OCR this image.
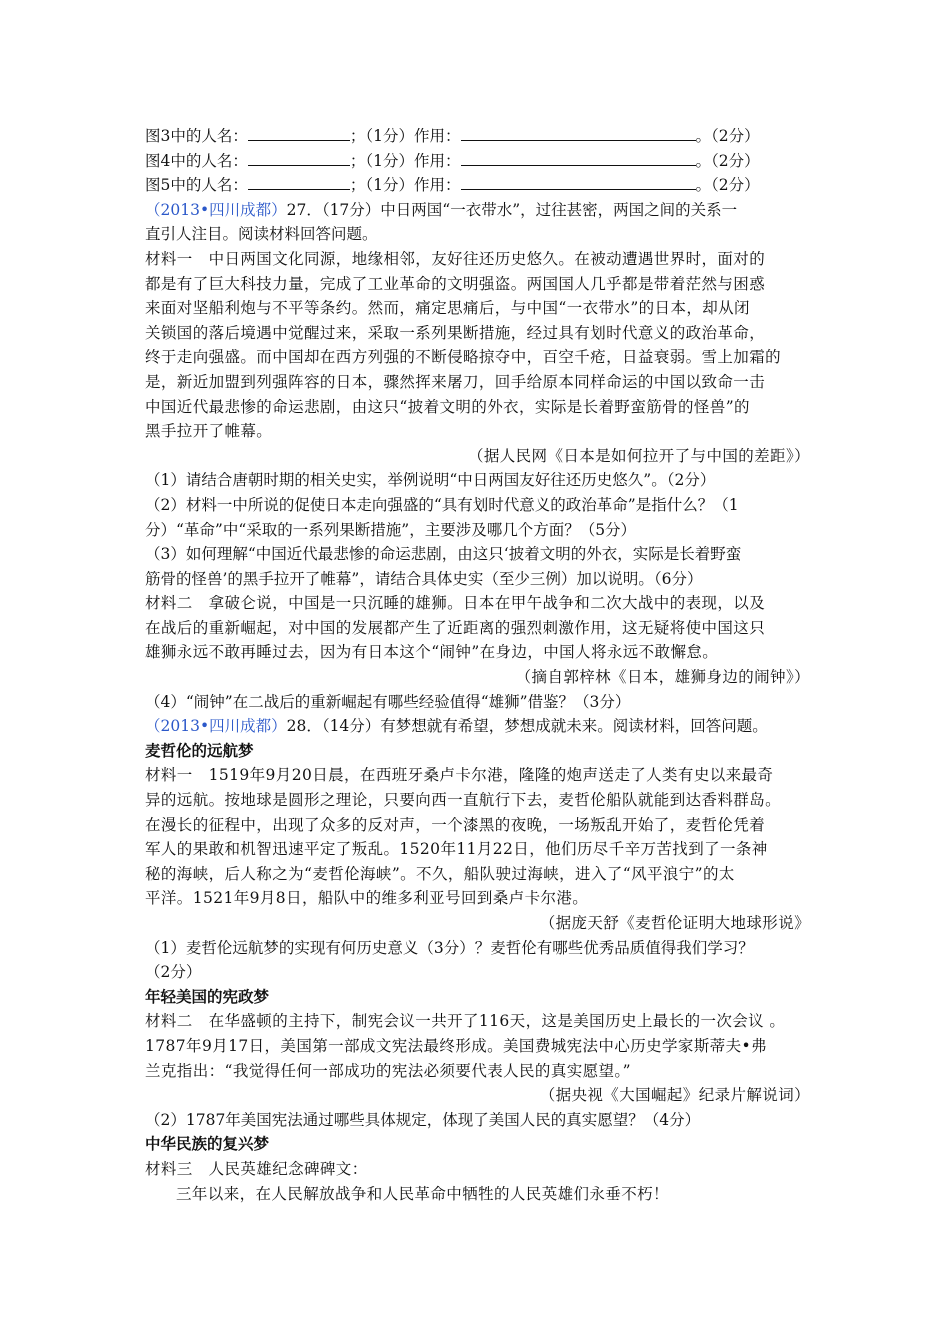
图3中的人名：	；（1分）作用：	。（2分）
图4中的人名：	；（1分）作用：	。（2分）
图5中的人名：	；（1分）作用：	。（2分）
（2013•四川成都）27．（17分）中日两国“一衣带水”，过往甚密，两国之间的关系一
直引人注目。阅读材料回答问题。
材料一　中日两国文化同源，地缘相邻，友好往还历史悠久。在被动遭遇世界时，面对的
都是有了巨大科技力量，完成了工业革命的文明强盗。两国国人几乎都是带着茫然与困惑
来面对坚船利炮与不平等条约。然而，痛定思痛后，与中国“一衣带水”的日本，却从闭
关锁国的落后境遇中觉醒过来，采取一系列果断措施，经过具有划时代意义的政治革命，
终于走向强盛。而中国却在西方列强的不断侵略掠夺中，百空千疮，日益衰弱。雪上加霜的
是，新近加盟到列强阵容的日本，骤然挥来屠刀，回手给原本同样命运的中国以致命一击
中国近代最悲惨的命运悲剧，由这只“披着文明的外衣，实际是长着野蛮筋骨的怪兽”的
黑手拉开了帷幕。
（据人民网《日本是如何拉开了与中国的差距》）
（1）请结合唐朝时期的相关史实，举例说明“中日两国友好往还历史悠久”。（2分）
（2）材料一中所说的促使日本走向强盛的“具有划时代意义的政治革命”是指什么？（1
分）“革命”中“采取的一系列果断措施”，主要涉及哪几个方面？（5分）
（3）如何理解“中国近代最悲惨的命运悲剧，由这只‘披着文明的外衣，实际是长着野蛮
筋骨的怪兽’的黑手拉开了帷幕”，请结合具体史实（至少三例）加以说明。（6分）
材料二　拿破仑说，中国是一只沉睡的雄狮。日本在甲午战争和二次大战中的表现，以及
在战后的重新崛起，对中国的发展都产生了近距离的强烈刺激作用，这无疑将使中国这只
雄狮永远不敢再睡过去，因为有日本这个“闹钟”在身边，中国人将永远不敢懈怠。
（摘自郭梓林《日本，雄狮身边的闹钟》）
（4）“闹钟”在二战后的重新崛起有哪些经验值得“雄狮”借鉴？（3分）
（2013•四川成都）28．（14分）有梦想就有希望，梦想成就未来。阅读材料，回答问题。
麦哲伦的远航梦
材料一　1519年9月20日晨，在西班牙桑卢卡尔港，隆隆的炮声送走了人类有史以来最奇
异的远航。按地球是圆形之理论，只要向西一直航行下去，麦哲伦船队就能到达香料群岛。
在漫长的征程中，出现了众多的反对声，一个漆黑的夜晚，一场叛乱开始了，麦哲伦凭着
军人的果敢和机智迅速平定了叛乱。1520年11月22日，他们历尽千辛万苦找到了一条神
秘的海峡，后人称之为“麦哲伦海峡”。不久，船队驶过海峡，进入了“风平浪宁”的太
平洋。1521年9月8日，船队中的维多利亚号回到桑卢卡尔港。
（据庞天舒《麦哲伦证明大地球形说》
（1）麦哲伦远航梦的实现有何历史意义（3分）？麦哲伦有哪些优秀品质值得我们学习？
（2分）
年轻美国的宪政梦
材料二　在华盛顿的主持下，制宪会议一共开了116天，这是美国历史上最长的一次会议 。
1787年9月17日，美国第一部成文宪法最终形成。美国费城宪法中心历史学家斯蒂夫•弗
兰克指出：“我觉得任何一部成功的宪法必须要代表人民的真实愿望。”
（据央视《大国崛起》纪录片解说词）
（2）1787年美国宪法通过哪些具体规定，体现了美国人民的真实愿望？（4分）
中华民族的复兴梦
材料三　人民英雄纪念碑碑文：
三年以来，在人民解放战争和人民革命中牺牲的人民英雄们永垂不朽！
